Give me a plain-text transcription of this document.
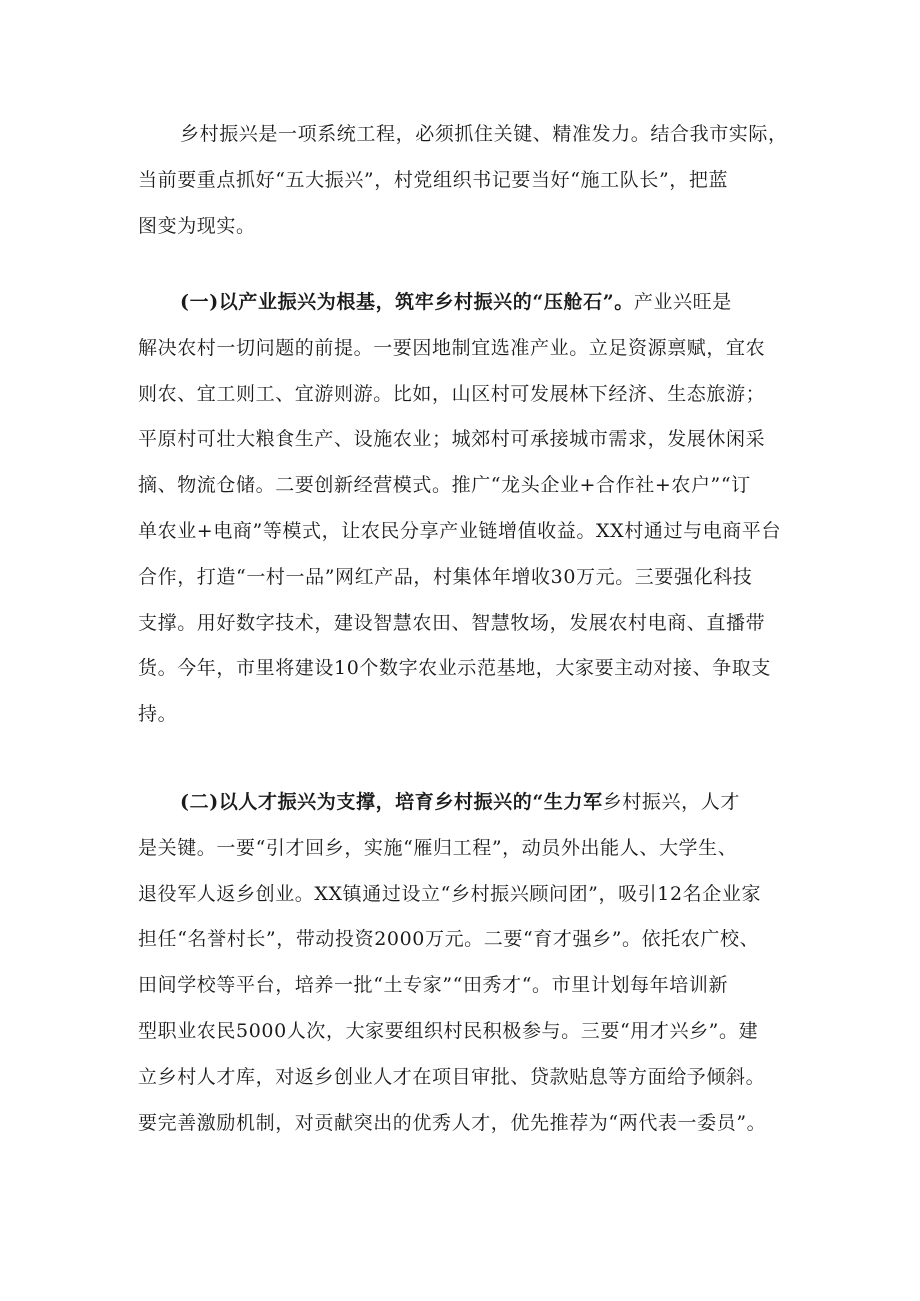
乡村振兴是一项系统工程，必须抓住关键、精准发力。结合我市实际，
当前要重点抓好“五大振兴”，村党组织书记要当好“施工队长”，把蓝
图变为现实。
(一)以产业振兴为根基，筑牢乡村振兴的“压舱石”。产业兴旺是
解决农村一切问题的前提。一要因地制宜选准产业。立足资源禀赋，宜农
则农、宜工则工、宜游则游。比如，山区村可发展林下经济、生态旅游；
平原村可壮大粮食生产、设施农业；城郊村可承接城市需求，发展休闲采
摘、物流仓储。二要创新经营模式。推广“龙头企业+合作社+农户”“订
单农业+电商”等模式，让农民分享产业链增值收益。XX村通过与电商平台
合作，打造“一村一品”网红产品，村集体年增收30万元。三要强化科技
支撑。用好数字技术，建设智慧农田、智慧牧场，发展农村电商、直播带
货。今年，市里将建设10个数字农业示范基地，大家要主动对接、争取支
持。
(二)以人才振兴为支撑，培育乡村振兴的“生力军乡村振兴，人才
是关键。一要“引才回乡，实施“雁归工程”，动员外出能人、大学生、
退役军人返乡创业。XX镇通过设立“乡村振兴顾问团”，吸引12名企业家
担任“名誉村长”，带动投资2000万元。二要“育才强乡”。依托农广校、
田间学校等平台，培养一批“土专家”“田秀才“。市里计划每年培训新
型职业农民5000人次，大家要组织村民积极参与。三要“用才兴乡”。建
立乡村人才库，对返乡创业人才在项目审批、贷款贴息等方面给予倾斜。
要完善激励机制，对贡献突出的优秀人才，优先推荐为“两代表一委员”。
